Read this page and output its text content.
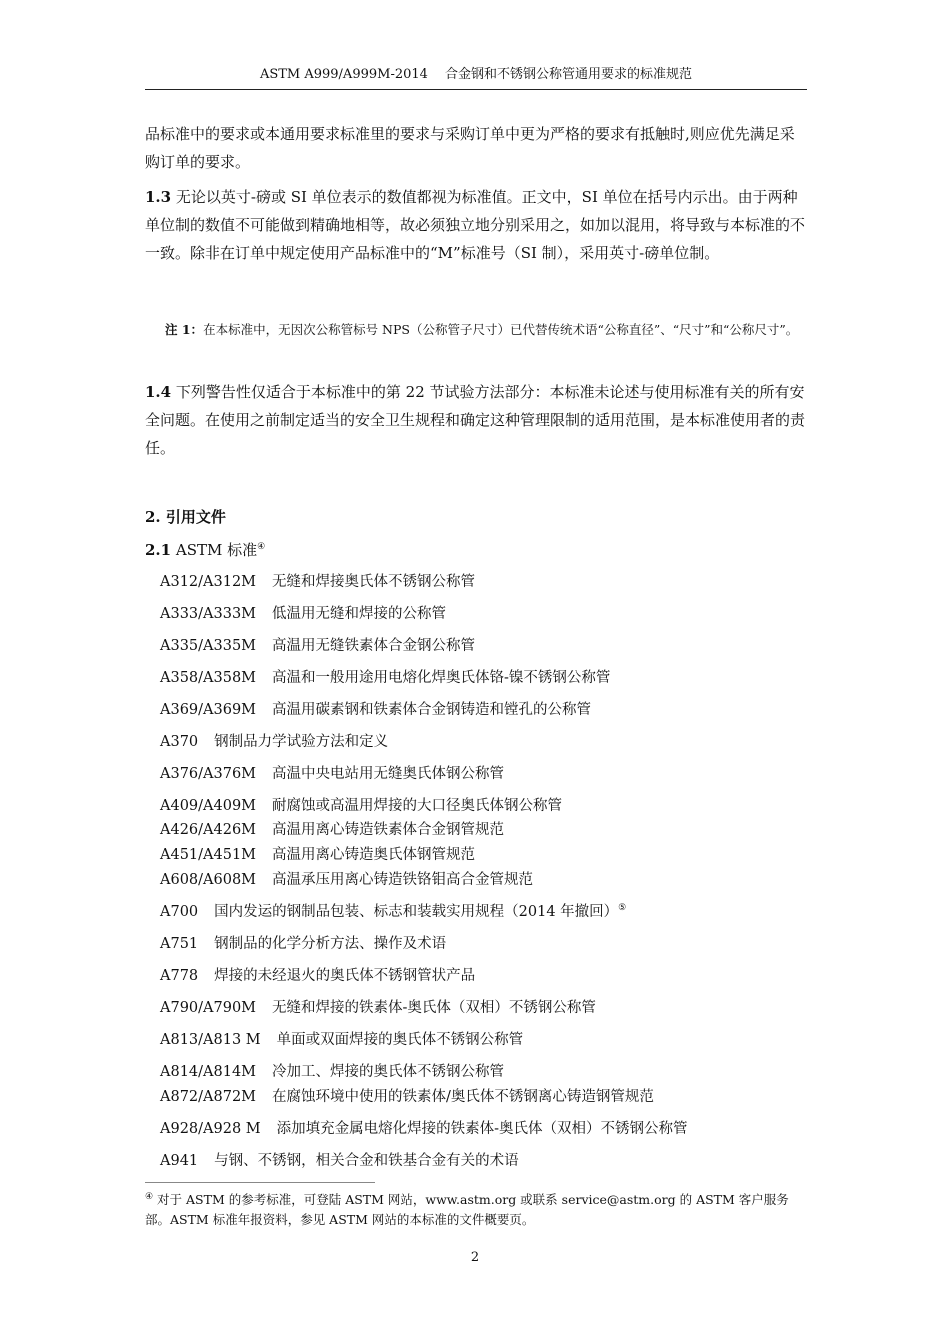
ASTM A999/A999M-2014　 合金钢和不锈钢公称管通用要求的标准规范
品标准中的要求或本通用要求标准里的要求与采购订单中更为严格的要求有抵触时,则应优先满足采购订单的要求。
1.3 无论以英寸-磅或 SI 单位表示的数值都视为标准值。正文中，SI 单位在括号内示出。由于两种单位制的数值不可能做到精确地相等，故必须独立地分别采用之，如加以混用，将导致与本标准的不一致。除非在订单中规定使用产品标准中的“M”标准号（SI 制），采用英寸-磅单位制。
注 1：在本标准中，无因次公称管标号 NPS（公称管子尺寸）已代替传统术语“公称直径”、“尺寸”和“公称尺寸”。
1.4 下列警告性仅适合于本标准中的第 22 节试验方法部分：本标准未论述与使用标准有关的所有安全问题。在使用之前制定适当的安全卫生规程和确定这种管理限制的适用范围，是本标准使用者的责任。
2. 引用文件
2.1 ASTM 标准④
A312/A312M 无缝和焊接奥氏体不锈钢公称管
A333/A333M 低温用无缝和焊接的公称管
A335/A335M 高温用无缝铁素体合金钢公称管
A358/A358M 高温和一般用途用电熔化焊奥氏体铬-镍不锈钢公称管
A369/A369M 高温用碳素钢和铁素体合金钢铸造和镗孔的公称管
A370 钢制品力学试验方法和定义
A376/A376M 高温中央电站用无缝奥氏体钢公称管
A409/A409M 耐腐蚀或高温用焊接的大口径奥氏体钢公称管
A426/A426M 高温用离心铸造铁素体合金钢管规范
A451/A451M 高温用离心铸造奥氏体钢管规范
A608/A608M 高温承压用离心铸造铁铬钼高合金管规范
A700 国内发运的钢制品包装、标志和装载实用规程（2014 年撤回）⑤
A751 钢制品的化学分析方法、操作及术语
A778 焊接的未经退火的奥氏体不锈钢管状产品
A790/A790M 无缝和焊接的铁素体-奥氏体（双相）不锈钢公称管
A813/A813 M 单面或双面焊接的奥氏体不锈钢公称管
A814/A814M 冷加工、焊接的奥氏体不锈钢公称管
A872/A872M 在腐蚀环境中使用的铁素体/奥氏体不锈钢离心铸造钢管规范
A928/A928 M 添加填充金属电熔化焊接的铁素体-奥氏体（双相）不锈钢公称管
A941 与钢、不锈钢，相关合金和铁基合金有关的术语
④ 对于 ASTM 的参考标准，可登陆 ASTM 网站，www.astm.org 或联系 service@astm.org 的 ASTM 客户服务部。ASTM 标准年报资料，参见 ASTM 网站的本标准的文件概要页。
2
